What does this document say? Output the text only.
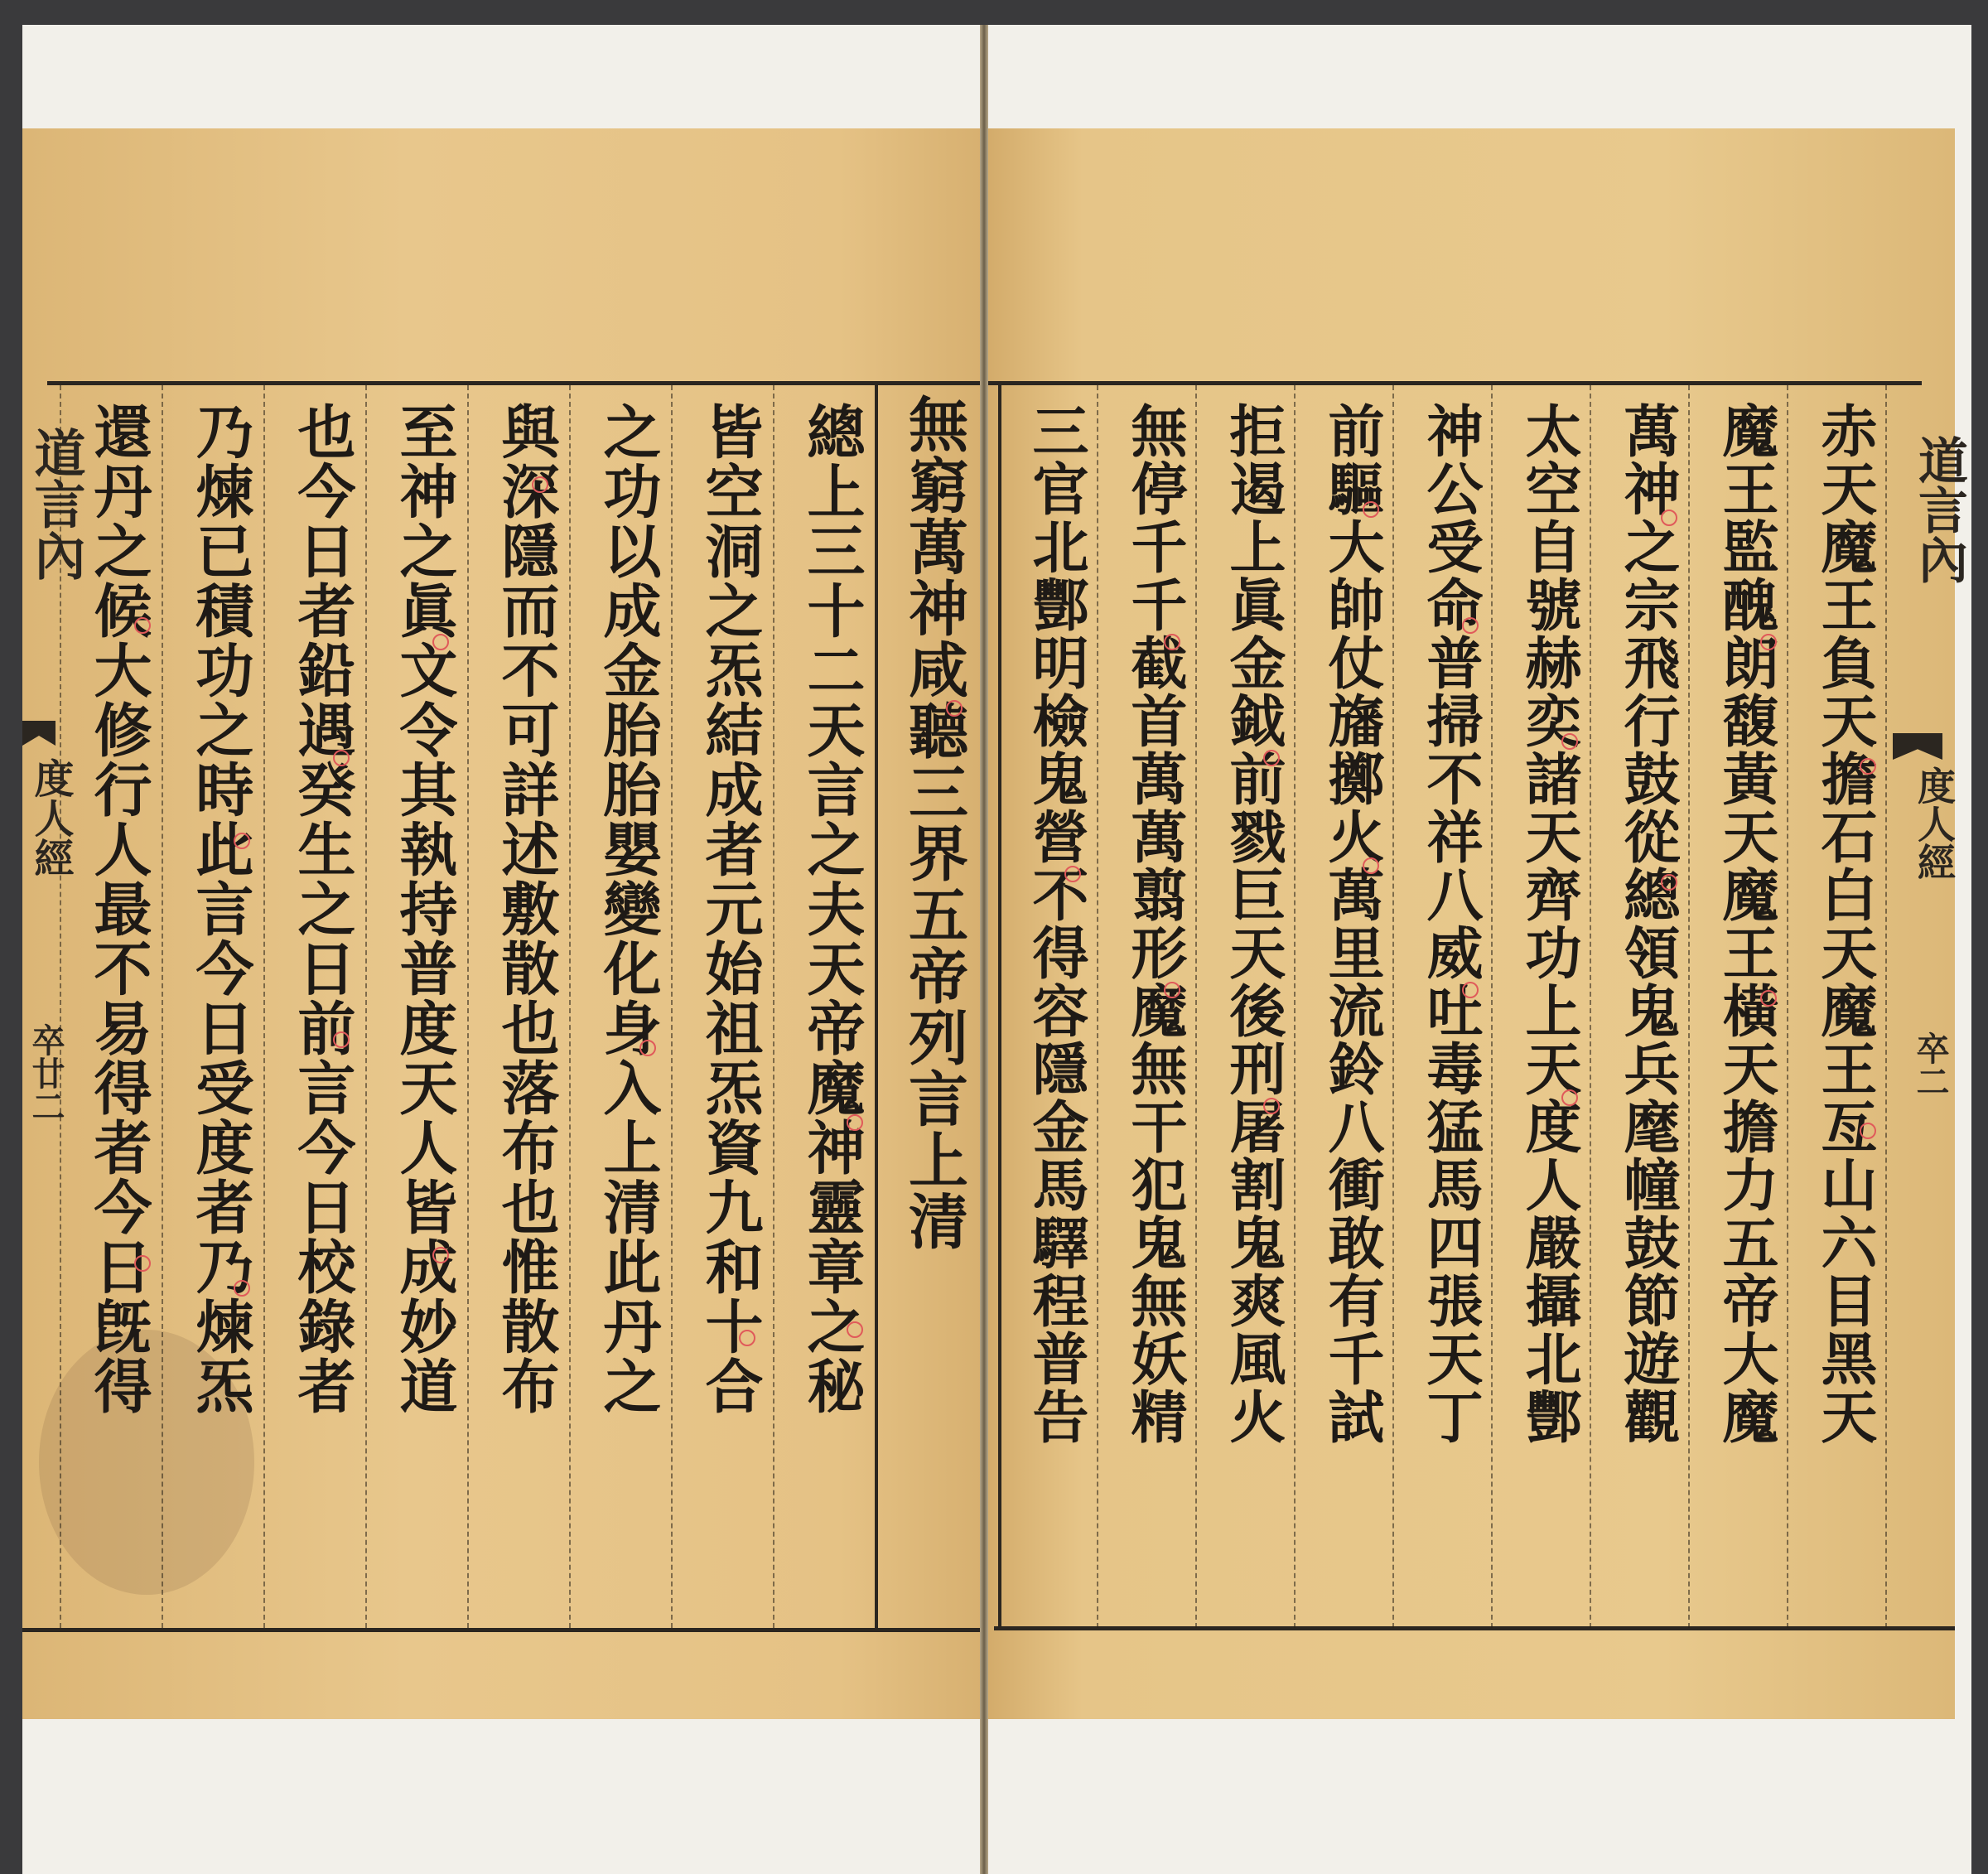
道言內
度人經
卒廿二	無窮萬神咸聽三界五帝列言上清
總上三十二天言之夫天帝魔神靈章之秘
皆空洞之炁結成者元始祖炁資九和十合
之功以成金胎胎嬰變化身入上清此丹之
與深隱而不可詳述敷散也落布也惟散布
至神之眞文令其執持普度天人皆成妙道
也今日者鉛遇癸生之日前言今日校錄者
乃煉已積功之時此言今日受度者乃煉炁
還丹之候大修行人最不易得者今日旣得	道言內
度人經
卒二
赤天魔王負天擔石白天魔王亙山六目黑天
魔王監醜朗馥黃天魔王橫天擔力五帝大魔
萬神之宗飛行鼓從總領鬼兵麾幢鼓節遊觀
太空自號赫奕諸天齊功上天度人嚴攝北酆
神公受命普掃不祥八威吐毒猛馬四張天丁
前驅大帥仗旛擲火萬里流鈴八衝敢有千試
拒遏上眞金鉞前戮巨天後刑屠割鬼爽風火
無停千千截首萬萬翦形魔無干犯鬼無妖精
三官北酆明檢鬼營不得容隱金馬驛程普告
